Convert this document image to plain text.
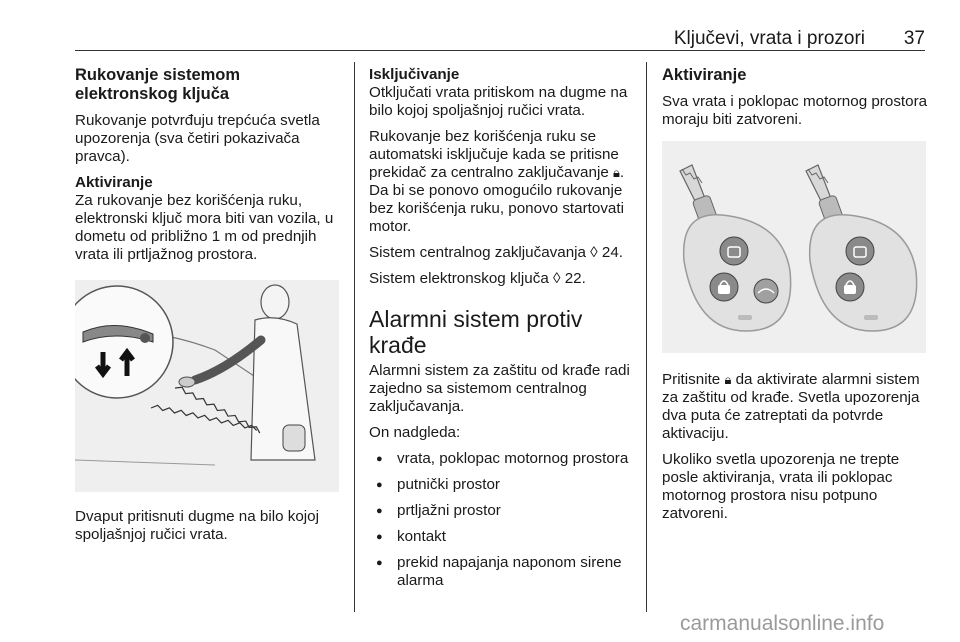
Ključevi, vrata i prozori 37
Rukovanje sistemom elektronskog ključa

Rukovanje potvrđuju trepćuća svetla upozorenja (sva četiri pokazivača pravca).

Aktiviranje

Za rukovanje bez korišćenja ruku, elektronski ključ mora biti van vozila, u dometu od približno 1 m od prednjih vrata ili prtljažnog prostora.

Dvaput pritisnuti dugme na bilo kojoj spoljašnjoj ručici vrata.

Isključivanje

Otključati vrata pritiskom na dugme na bilo kojoj spoljašnjoj ručici vrata.

Rukovanje bez korišćenja ruku se automatski isključuje kada se pritisne prekidač za centralno zaključavanje 🔒︎. Da bi se ponovo omogućilo rukovanje bez korišćenja ruku, ponovo startovati motor.

Sistem centralnog zaključavanja ◊ 24.

Sistem elektronskog ključa ◊ 22.

Alarmni sistem protiv krađe

Alarmni sistem za zaštitu od krađe radi zajedno sa sistemom centralnog zaključavanja.

On nadgleda:

● vrata, poklopac motornog prostora
● putnički prostor
● prtljažni prostor
● kontakt
● prekid napajanja naponom sirene alarma
Aktiviranje

Sva vrata i poklopac motornog prostora moraju biti zatvoreni.

Pritisnite 🔒︎ da aktivirate alarmni sistem za zaštitu od krađe. Svetla upozorenja dva puta će zatreptati da potvrde aktivaciju.

Ukoliko svetla upozorenja ne trepte posle aktiviranja, vrata ili poklopac motornog prostora nisu potpuno zatvoreni.

carmanualsonline.info
